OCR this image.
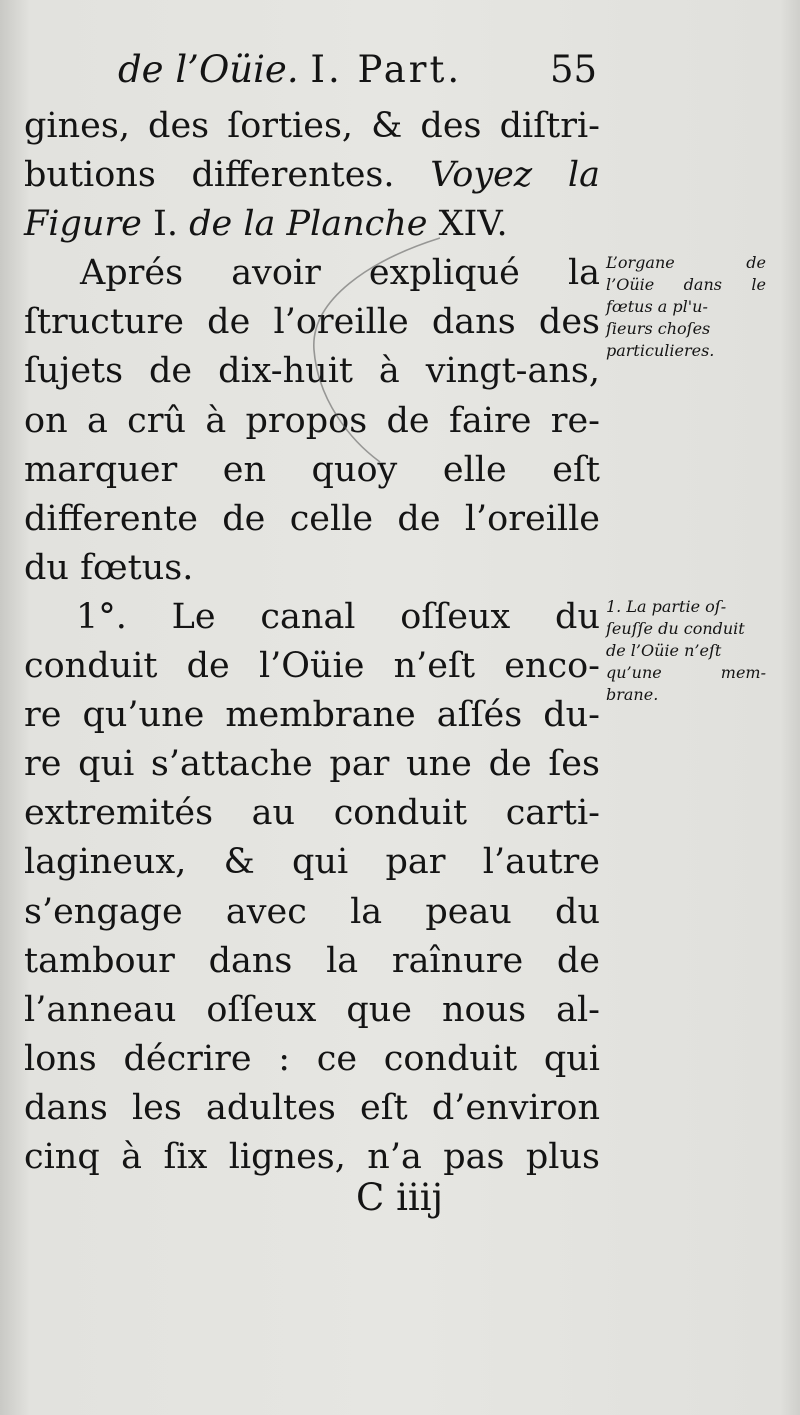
de l’Oüie. I. Part. 55
gines, des ſorties, & des diſtri-
butions differentes. Voyez la
Figure I. de la Planche XIV.
Aprés avoir expliqué la
ſtructure de l’oreille dans des
ſujets de dix-huit à vingt-ans,
on a crû à propos de faire re-
marquer en quoy elle eſt
differente de celle de l’oreille
du fœtus.
1°. Le canal oſſeux du
conduit de l’Oüie n’eſt enco-
re qu’une membrane aſſés du-
re qui s’attache par une de ſes
extremités au conduit carti-
lagineux, & qui par l’autre
s’engage avec la peau du
tambour dans la raînure de
l’anneau oſſeux que nous al-
lons décrire : ce conduit qui
dans les adultes eſt d’environ
cinq à ſix lignes, n’a pas plus
L’organe de
l’Oüie dans le
fœtus a pl'u-
ſieurs choſes
particulieres.
1. La partie oſ-
ſeuſſe du conduit
de l’Oüie n’eſt
qu’une mem-
brane.
C iiij
